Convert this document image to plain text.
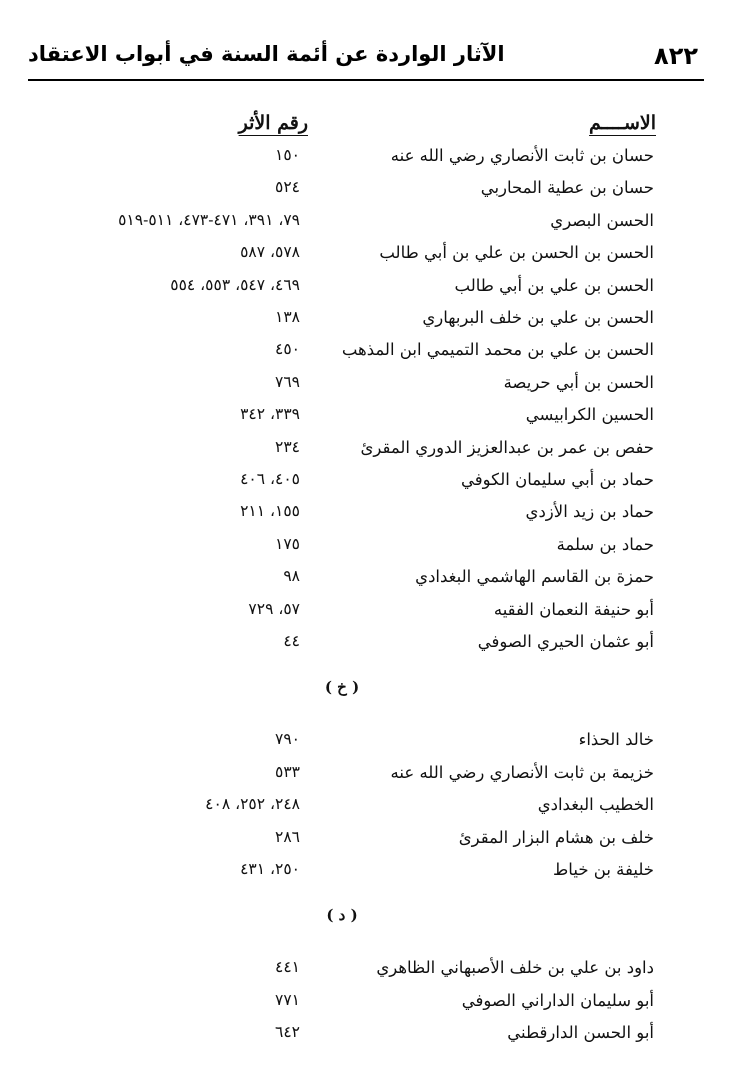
٨٢٢
الآثار الواردة عن أئمة السنة في أبواب الاعتقاد
الاســــم
رقم الأثر
حسان بن ثابت الأنصاري رضي الله عنه
١٥٠
حسان بن عطية المحاربي
٥٢٤
الحسن البصري
٧٩، ٣٩١، ٤٧١-٤٧٣، ٥١١-٥١٩
الحسن بن الحسن بن علي بن أبي طالب
٥٧٨، ٥٨٧
الحسن بن علي بن أبي طالب
٤٦٩، ٥٤٧، ٥٥٣، ٥٥٤
الحسن بن علي بن خلف البربهاري
١٣٨
الحسن بن علي بن محمد التميمي ابن المذهب
٤٥٠
الحسن بن أبي حريصة
٧٦٩
الحسين الكرابيسي
٣٣٩، ٣٤٢
حفص بن عمر بن عبدالعزيز الدوري المقرئ
٢٣٤
حماد بن أبي سليمان الكوفي
٤٠٥، ٤٠٦
حماد بن زيد الأزدي
١٥٥، ٢١١
حماد بن سلمة
١٧٥
حمزة بن القاسم الهاشمي البغدادي
٩٨
أبو حنيفة النعمان الفقيه
٥٧، ٧٢٩
أبو عثمان الحيري الصوفي
٤٤
( خ )
خالد الحذاء
٧٩٠
خزيمة بن ثابت الأنصاري رضي الله عنه
٥٣٣
الخطيب البغدادي
٢٤٨، ٢٥٢، ٤٠٨
خلف بن هشام البزار المقرئ
٢٨٦
خليفة بن خياط
٢٥٠، ٤٣١
( د )
داود بن علي بن خلف الأصبهاني الظاهري
٤٤١
أبو سليمان الداراني الصوفي
٧٧١
أبو الحسن الدارقطني
٦٤٢
